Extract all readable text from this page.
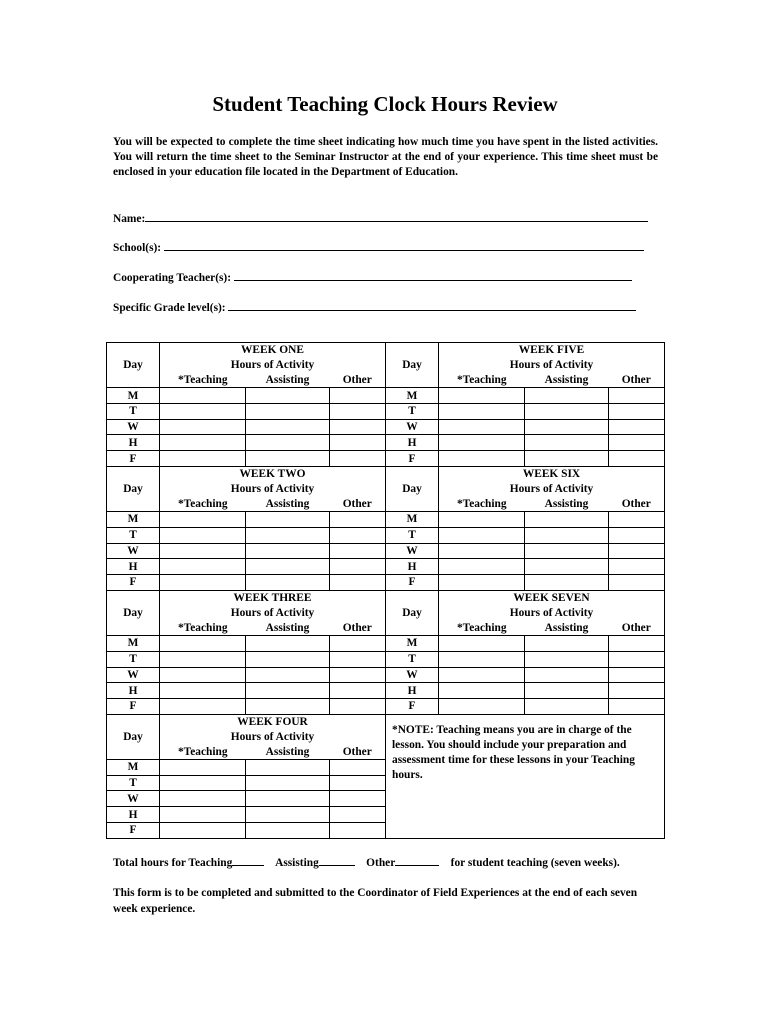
Student Teaching Clock Hours Review
You will be expected to complete the time sheet indicating how much time you have spent in the listed activities. You will return the time sheet to the Seminar Instructor at the end of your experience. This time sheet must be enclosed in your education file located in the Department of Education.
Name:
School(s):
Cooperating Teacher(s):
Specific Grade level(s):
Day	WEEK ONE			Day	WEEK FIVE		
	Hours of Activity				Hours of Activity		
	*Teaching	Assisting	Other		*Teaching	Assisting	Other
M				M			
T				T			
W				W			
H				H			
F				F			
Day	WEEK TWO			Day	WEEK SIX		
	Hours of Activity				Hours of Activity		
	*Teaching	Assisting	Other		*Teaching	Assisting	Other
M				M			
T				T			
W				W			
H				H			
F				F			
Day	WEEK THREE			Day	WEEK SEVEN		
	Hours of Activity				Hours of Activity		
	*Teaching	Assisting	Other		*Teaching	Assisting	Other
M				M			
T				T			
W				W			
H				H			
F				F			
Day	WEEK FOUR			*NOTE: Teaching means you are in charge of the lesson. You should include your preparation and assessment time for these lessons in your Teaching hours.			
	Hours of Activity						
	*Teaching	Assisting	Other				
M							
T							
W							
H							
F							
Total hours for Teaching	Assisting	Other	for student teaching (seven weeks).
This form is to be completed and submitted to the Coordinator of Field Experiences at the end of each seven week experience.
